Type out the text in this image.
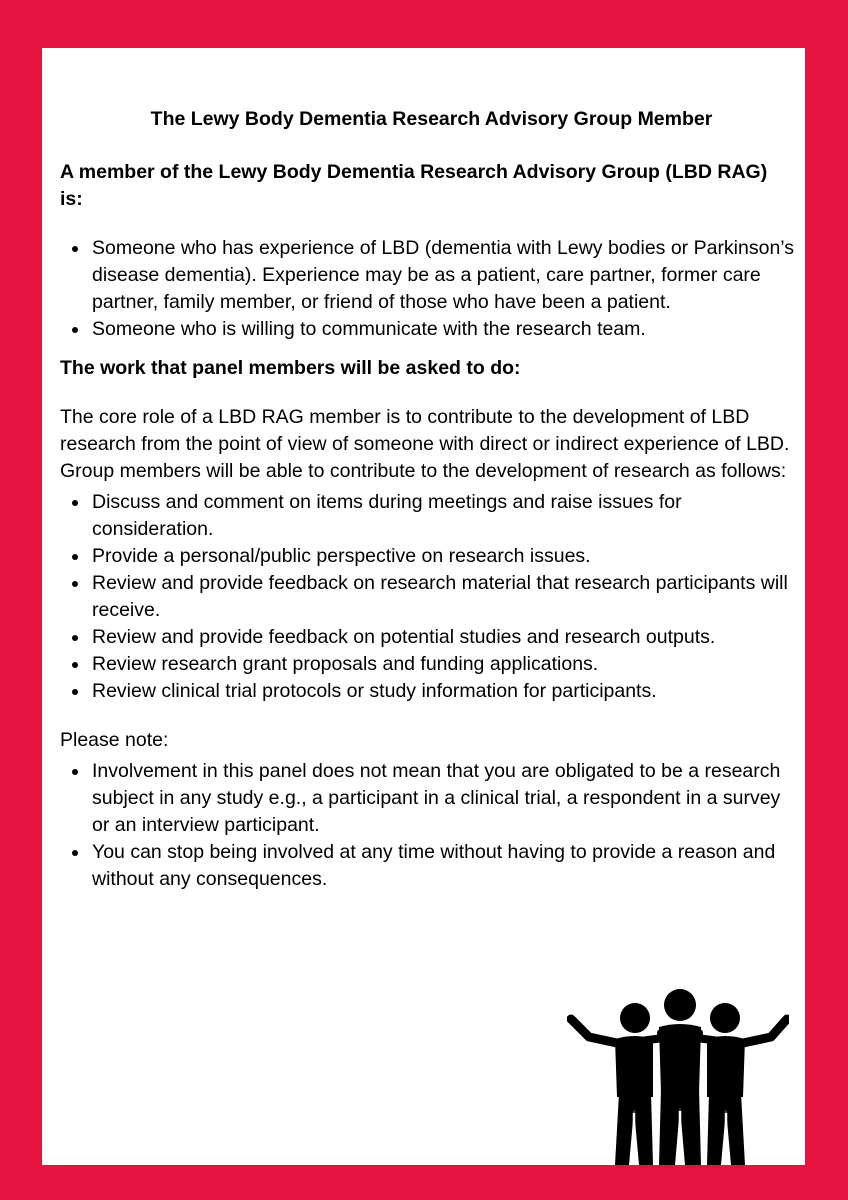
The Lewy Body Dementia Research Advisory Group Member

A member of the Lewy Body Dementia Research Advisory Group (LBD RAG) is:

Someone who has experience of LBD (dementia with Lewy bodies or Parkinson’s disease dementia). Experience may be as a patient, care partner, former care partner, family member, or friend of those who have been a patient.
Someone who is willing to communicate with the research team.

The work that panel members will be asked to do:

The core role of a LBD RAG member is to contribute to the development of LBD research from the point of view of someone with direct or indirect experience of LBD. Group members will be able to contribute to the development of research as follows:

Discuss and comment on items during meetings and raise issues for consideration.
Provide a personal/public perspective on research issues.
Review and provide feedback on research material that research participants will receive.
Review and provide feedback on potential studies and research outputs.
Review research grant proposals and funding applications.
Review clinical trial protocols or study information for participants.

Please note:

Involvement in this panel does not mean that you are obligated to be a research subject in any study e.g., a participant in a clinical trial, a respondent in a survey or an interview participant.
You can stop being involved at any time without having to provide a reason and without any consequences.
